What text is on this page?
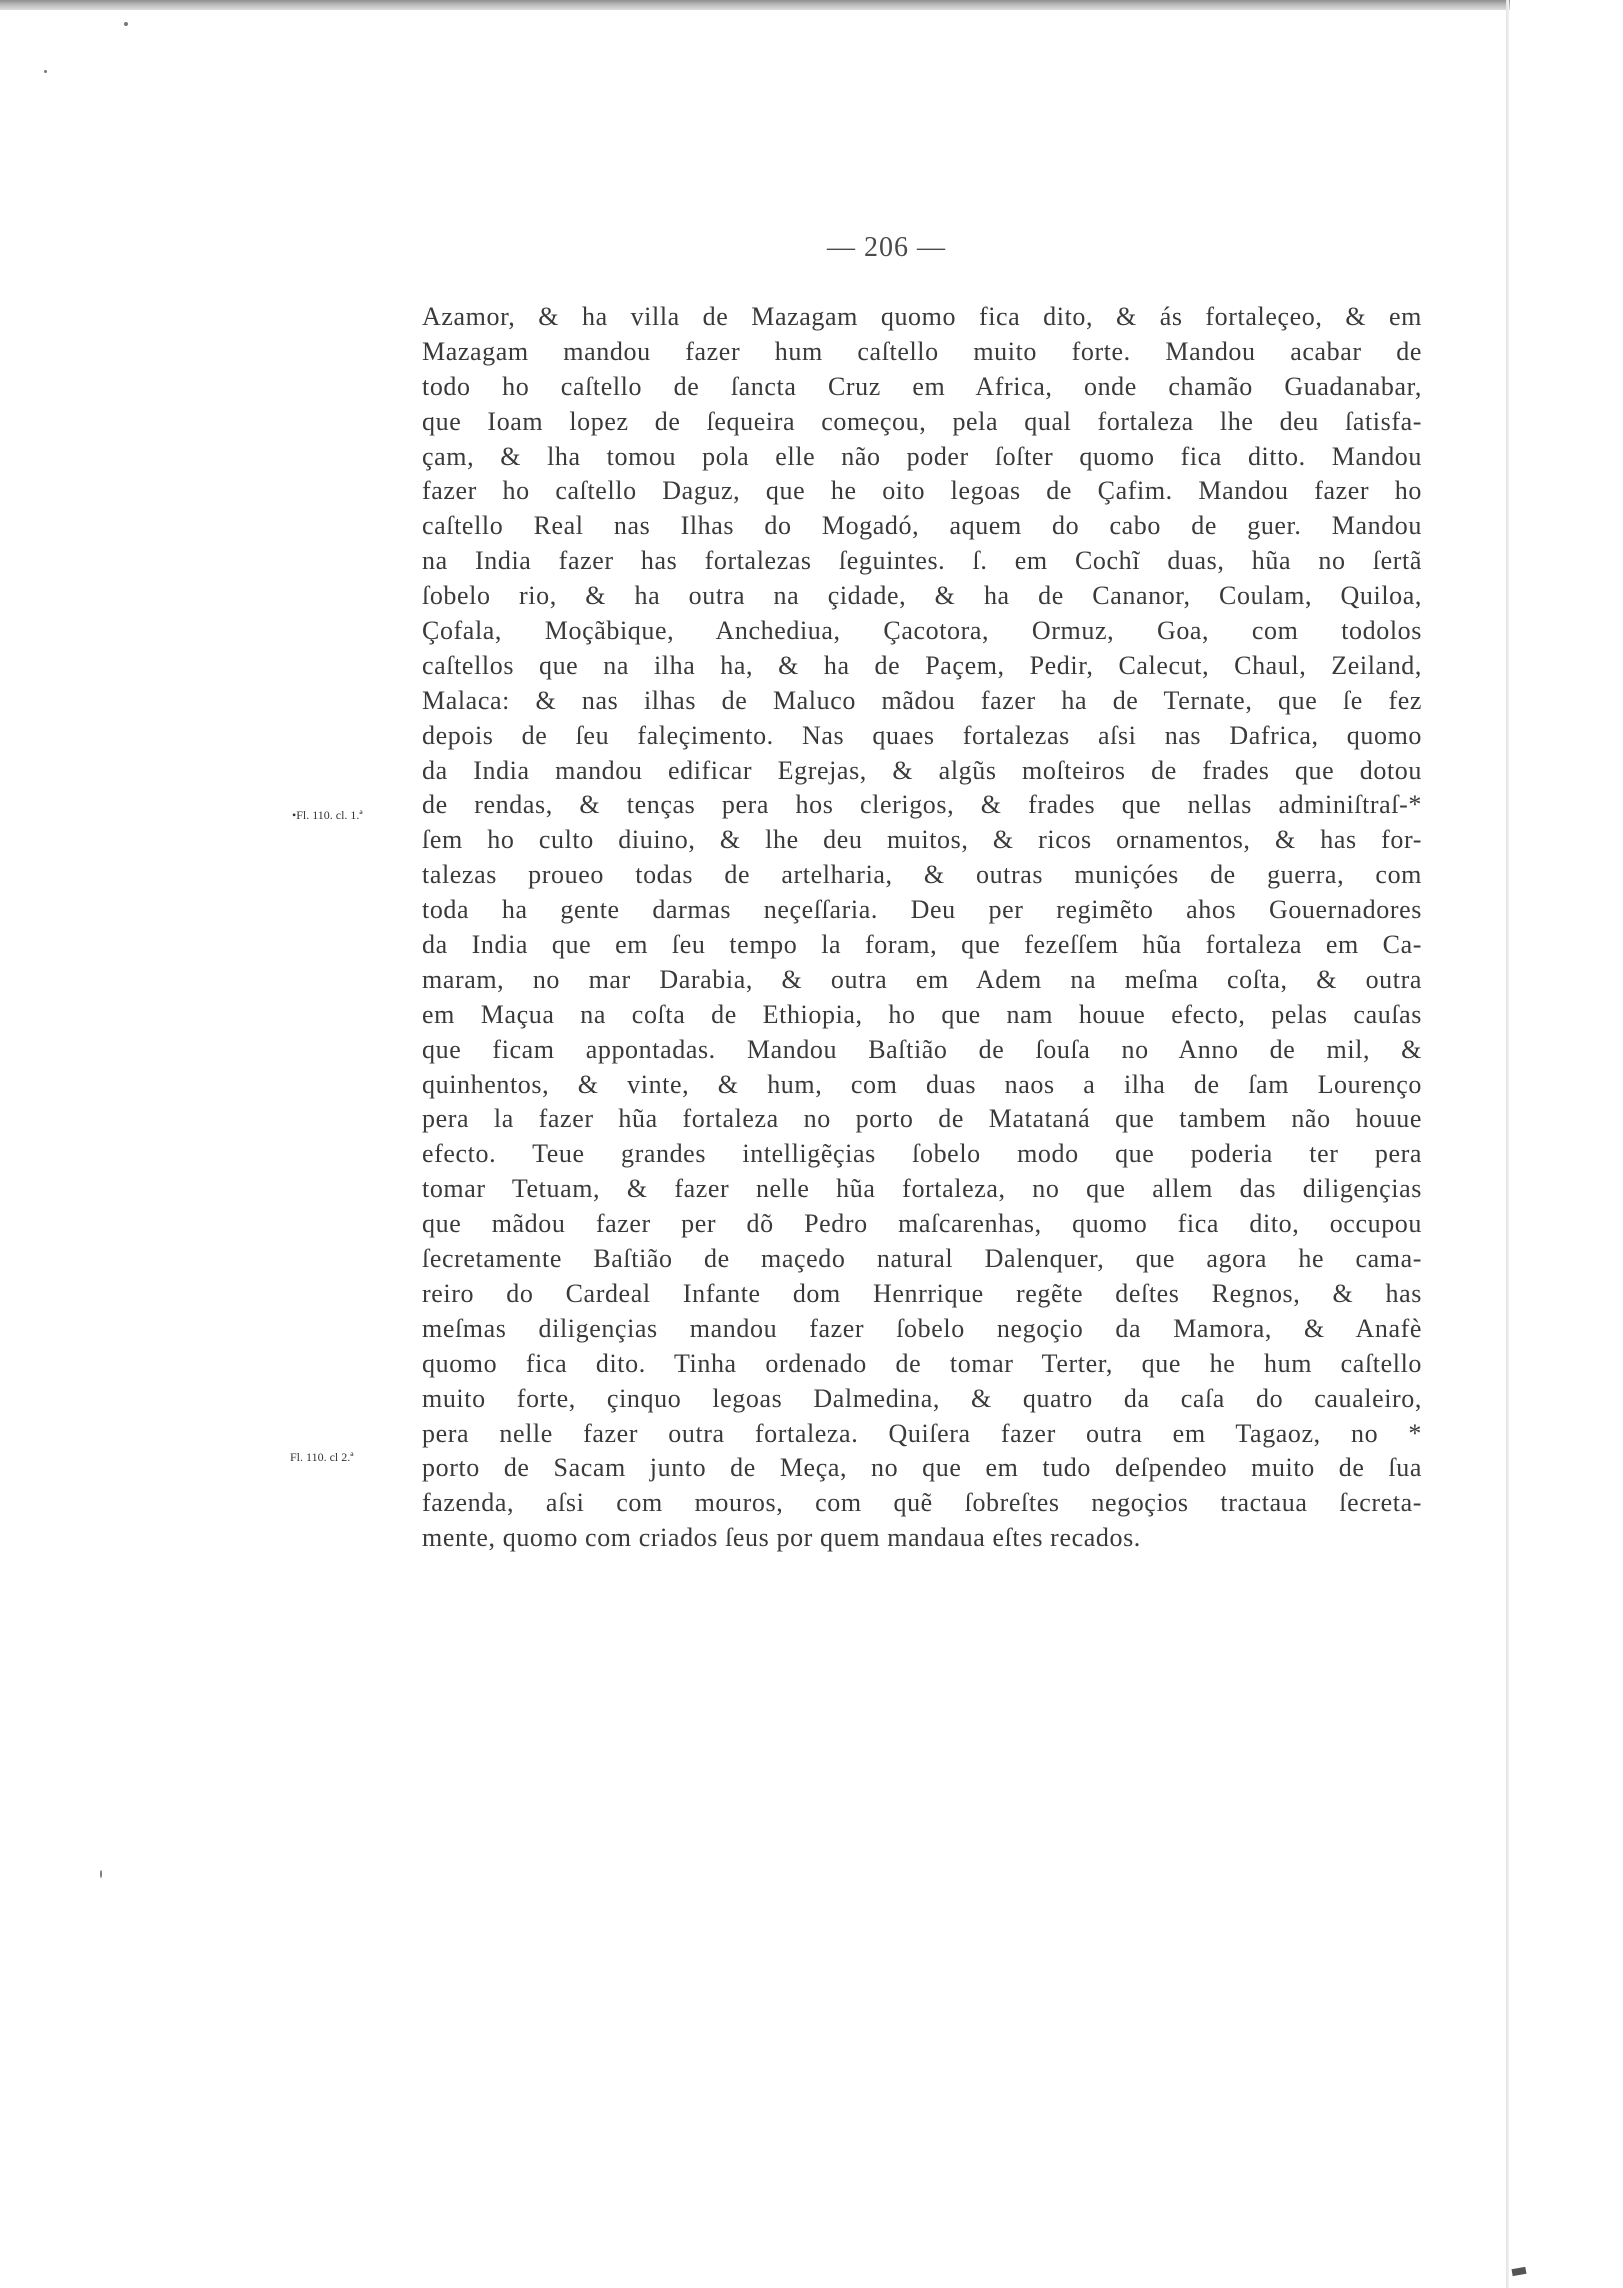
— 206 —
•Fl. 110. cl. 1.ª
Fl. 110. cl 2.ª
Azamor, & ha villa de Mazagam quomo fica dito, & ás fortaleçeo, & em
Mazagam mandou fazer hum caſtello muito forte. Mandou acabar de
todo ho caſtello de ſancta Cruz em Africa, onde chamão Guadanabar,
que Ioam lopez de ſequeira começou, pela qual fortaleza lhe deu ſatisfa-
çam, & lha tomou pola elle não poder ſoſter quomo fica ditto. Mandou
fazer ho caſtello Daguz, que he oito legoas de Çafim. Mandou fazer ho
caſtello Real nas Ilhas do Mogadó, aquem do cabo de guer. Mandou
na India fazer has fortalezas ſeguintes. ſ. em Cochĩ duas, hũa no ſertã
ſobelo rio, & ha outra na çidade, & ha de Cananor, Coulam, Quiloa,
Çofala, Moçãbique, Anchediua, Çacotora, Ormuz, Goa, com todolos
caſtellos que na ilha ha, & ha de Paçem, Pedir, Calecut, Chaul, Zeiland,
Malaca: & nas ilhas de Maluco mãdou fazer ha de Ternate, que ſe fez
depois de ſeu faleçimento. Nas quaes fortalezas aſsi nas Dafrica, quomo
da India mandou edificar Egrejas, & algũs moſteiros de frades que dotou
de rendas, & tenças pera hos clerigos, & frades que nellas adminiſtraſ-*
ſem ho culto diuino, & lhe deu muitos, & ricos ornamentos, & has for-
talezas proueo todas de artelharia, & outras muniçóes de guerra, com
toda ha gente darmas neçeſſaria. Deu per regimẽto ahos Gouernadores
da India que em ſeu tempo la foram, que fezeſſem hũa fortaleza em Ca-
maram, no mar Darabia, & outra em Adem na meſma coſta, & outra
em Maçua na coſta de Ethiopia, ho que nam houue efecto, pelas cauſas
que ficam appontadas. Mandou Baſtião de ſouſa no Anno de mil, &
quinhentos, & vinte, & hum, com duas naos a ilha de ſam Lourenço
pera la fazer hũa fortaleza no porto de Matataná que tambem não houue
efecto. Teue grandes intelligẽçias ſobelo modo que poderia ter pera
tomar Tetuam, & fazer nelle hũa fortaleza, no que allem das diligençias
que mãdou fazer per dõ Pedro maſcarenhas, quomo fica dito, occupou
ſecretamente Baſtião de maçedo natural Dalenquer, que agora he cama-
reiro do Cardeal Infante dom Henrrique regẽte deſtes Regnos, & has
meſmas diligençias mandou fazer ſobelo negoçio da Mamora, & Anafè
quomo fica dito. Tinha ordenado de tomar Terter, que he hum caſtello
muito forte, çinquo legoas Dalmedina, & quatro da caſa do caualeiro,
pera nelle fazer outra fortaleza. Quiſera fazer outra em Tagaoz, no *
porto de Sacam junto de Meça, no que em tudo deſpendeo muito de ſua
fazenda, aſsi com mouros, com quẽ ſobreſtes negoçios tractaua ſecreta-
mente, quomo com criados ſeus por quem mandaua eſtes recados.
